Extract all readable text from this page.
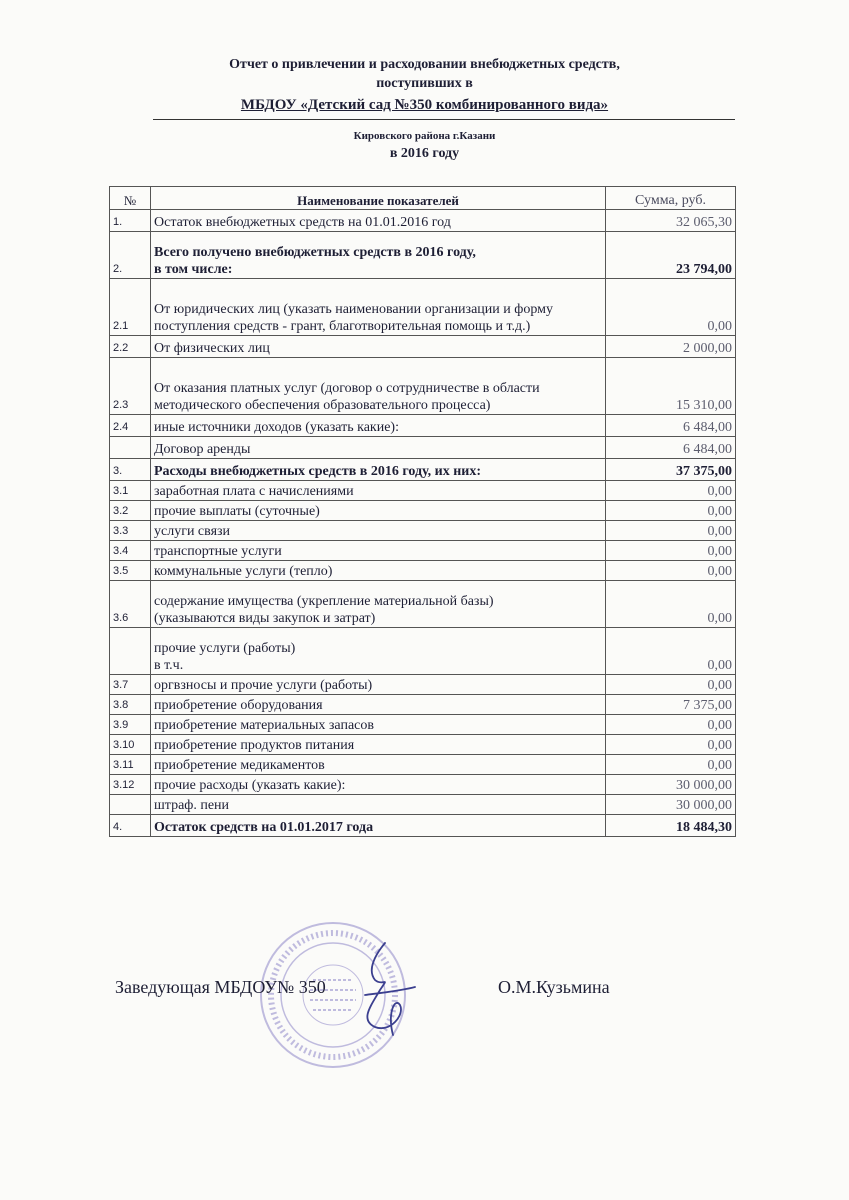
Отчет о привлечении и расходовании внебюджетных средств,
поступивших в
МБДОУ «Детский сад №350 комбинированного вида»
Кировского района г.Казани
в 2016 году
№	Наименование показателей	Сумма, руб.
1.	Остаток внебюджетных средств на 01.01.2016 год	32 065,30
2.	Всего получено внебюджетных средств в 2016 году,
в том числе:	23 794,00
2.1	От юридических лиц (указать наименовании организации и форму поступления средств - грант, благотворительная помощь и т.д.)	0,00
2.2	От физических лиц	2 000,00
2.3	От оказания платных услуг (договор о сотрудничестве в области методического обеспечения образовательного процесса)	15 310,00
2.4	иные источники доходов (указать какие):	6 484,00
	Договор аренды	6 484,00
3.	Расходы внебюджетных средств в 2016 году, их них:	37 375,00
3.1	заработная плата с начислениями	0,00
3.2	прочие выплаты (суточные)	0,00
3.3	услуги связи	0,00
3.4	транспортные услуги	0,00
3.5	коммунальные услуги (тепло)	0,00
3.6	содержание имущества (укрепление материальной базы)
(указываются виды закупок и затрат)	0,00
	прочие услуги (работы)
в т.ч.	0,00
3.7	оргвзносы и прочие услуги (работы)	0,00
3.8	приобретение оборудования	7 375,00
3.9	приобретение материальных запасов	0,00
3.10	приобретение продуктов питания	0,00
3.11	приобретение медикаментов	0,00
3.12	прочие расходы (указать какие):	30 000,00
	штраф. пени	30 000,00
4.	Остаток средств на 01.01.2017 года	18 484,30
Заведующая МБДОУ№ 350	О.М.Кузьмина
